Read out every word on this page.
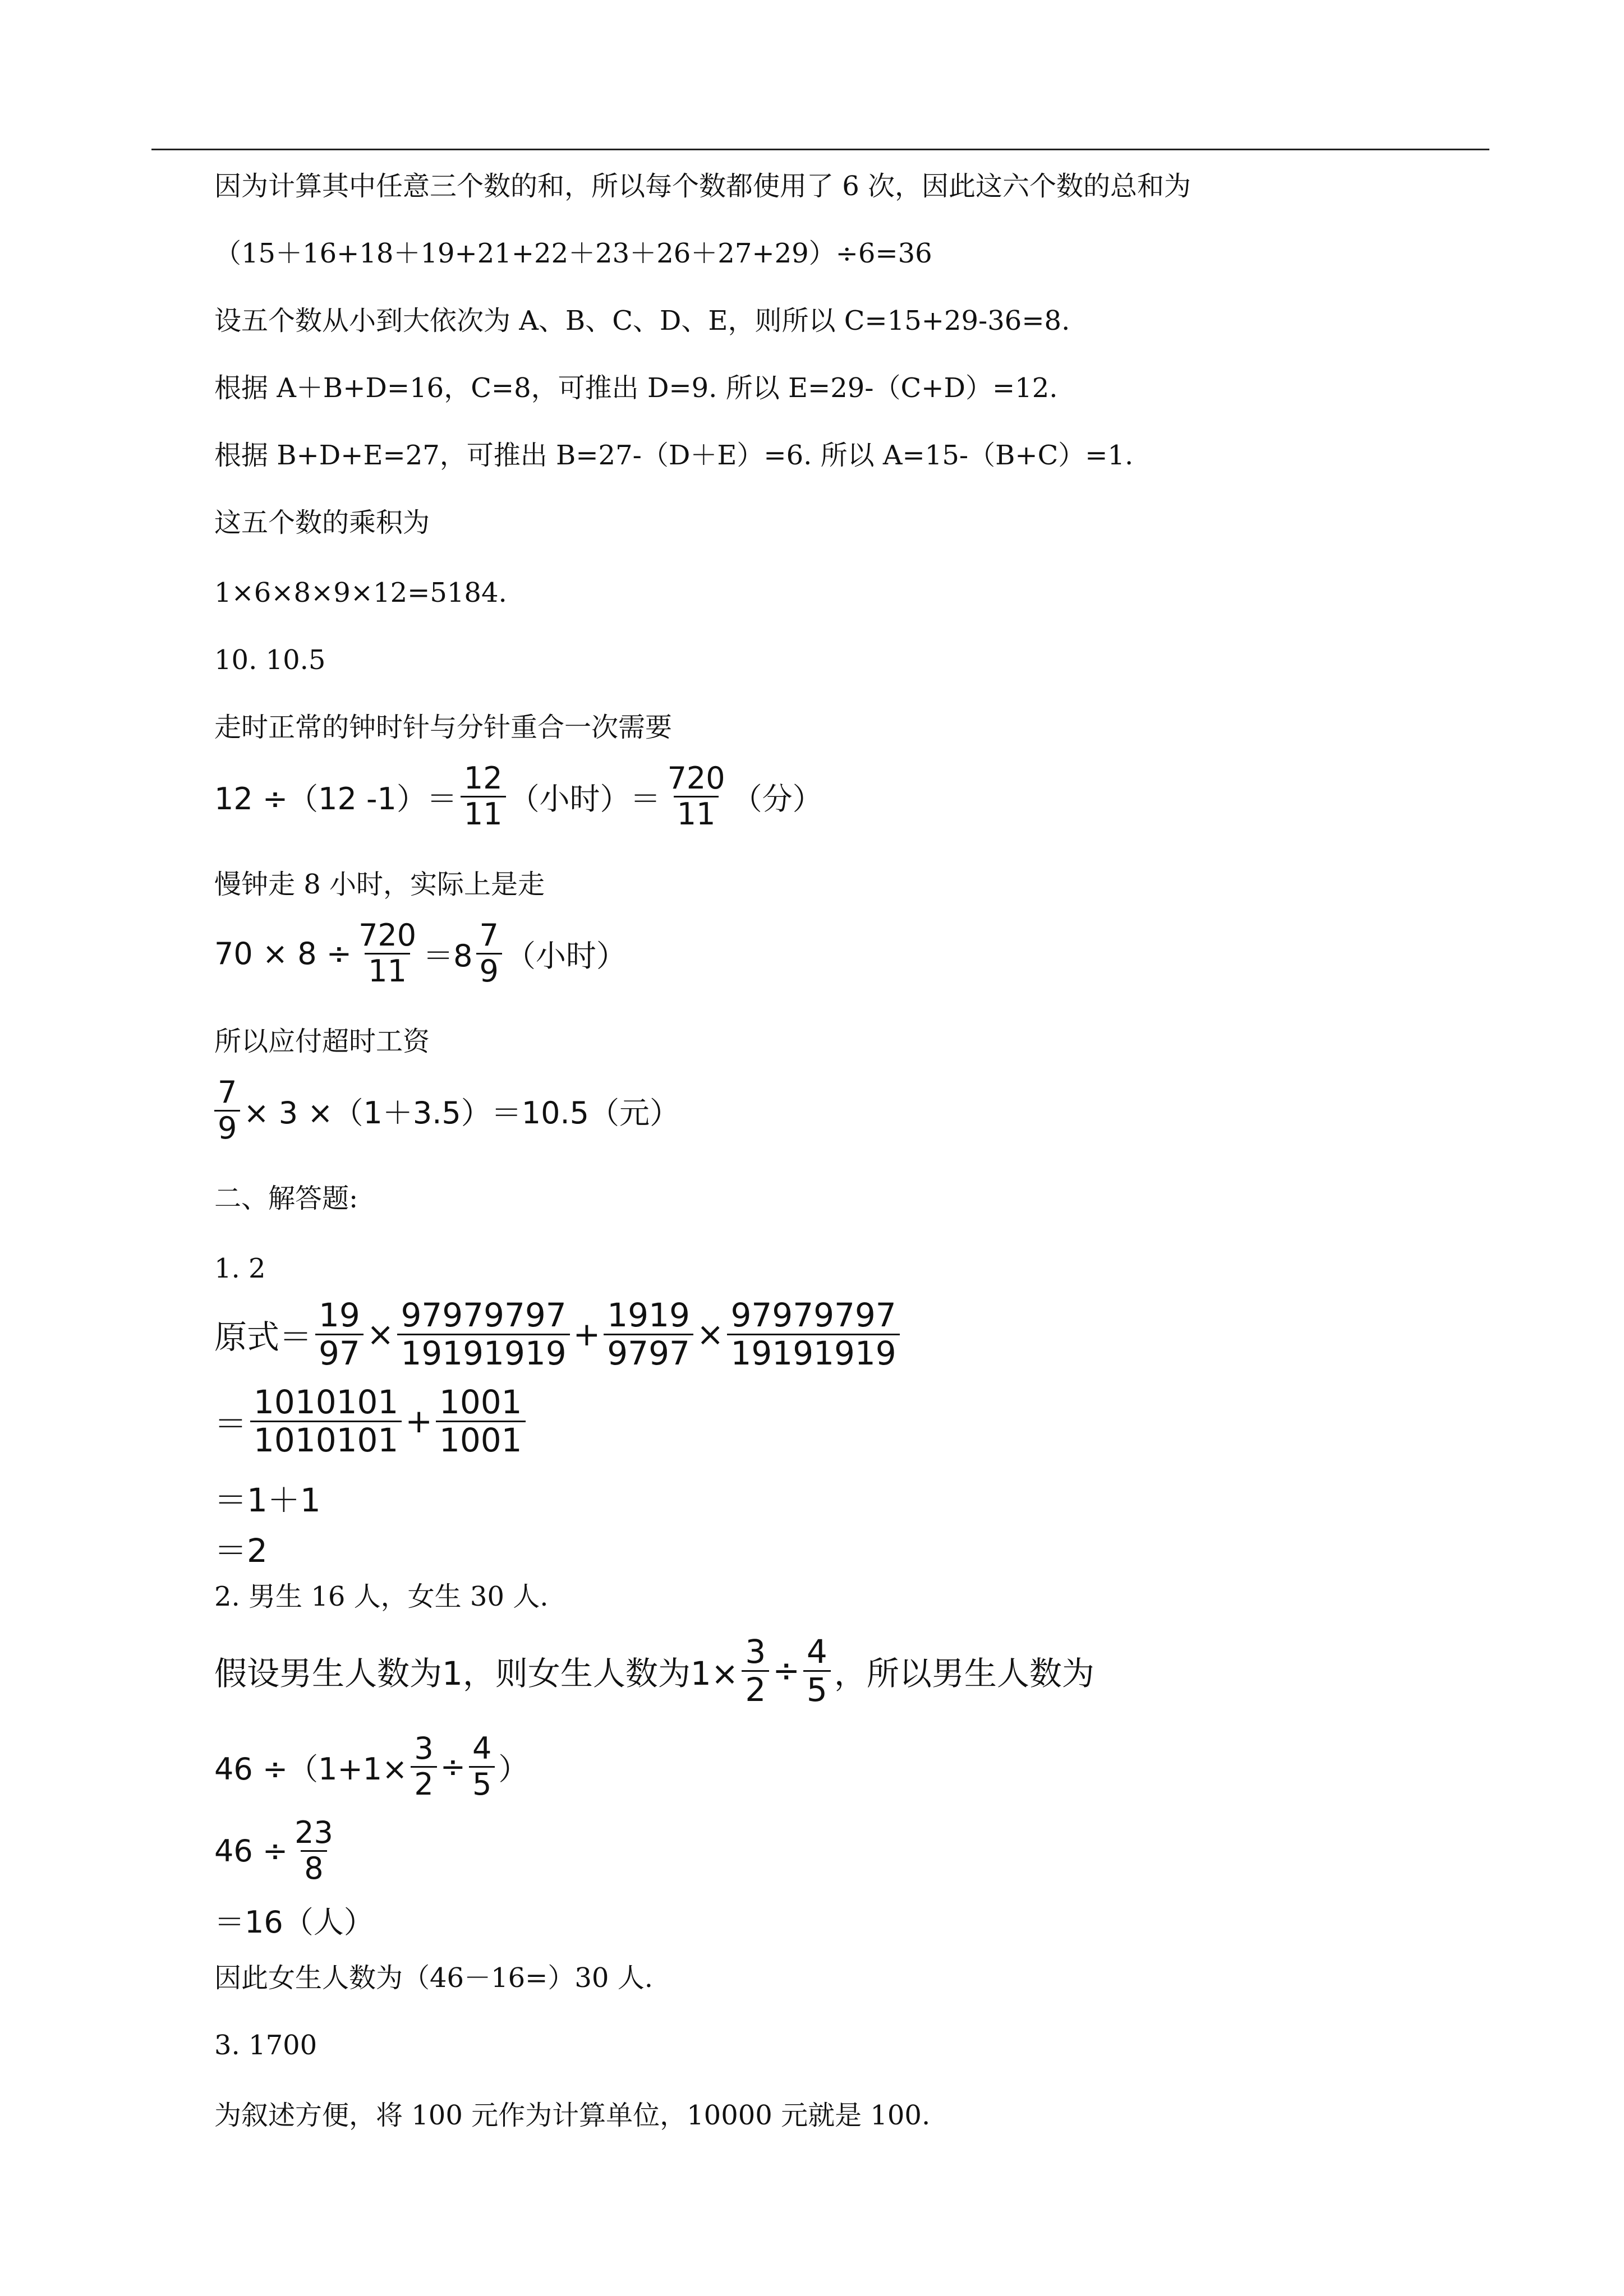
因为计算其中任意三个数的和，所以每个数都使用了 6 次，因此这六个数的总和为
（15＋16+18＋19+21+22＋23＋26＋27+29）÷6=36
设五个数从小到大依次为 A、B、C、D、E，则所以 C=15+29-36=8.
根据 A＋B+D=16，C=8，可推出 D=9. 所以 E=29-（C+D）=12.
根据 B+D+E=27，可推出 B=27-（D＋E）=6. 所以 A=15-（B+C）=1.
这五个数的乘积为
1×6×8×9×12=5184.
10. 10.5
走时正常的钟时针与分针重合一次需要
12 ÷（12 $-1)= \frac{12}{11}$ （小时）＝ $\frac{720}{11}$ （分）
慢钟走 8 小时，实际上是走
$70 \times 8 \div \frac{720}{11} =8 \frac{7}{9}$ （小时）
所以应付超时工资
$\frac{7}{9} \times 3 \times(1+3.5)=10.5$（元）
二、解答题:
1. 2
原式＝ $\frac{19}{97} \times \frac{97979797}{19191919} + \frac{1919}{9797} \times \frac{97979797}{19191919}$
＝ $\frac{1010101}{1010101} + \frac{1001}{1001}$
＝1＋1
＝2
2. 男生 16 人，女生 30 人.
假设男生人数为1，则女生人数为$1\times \frac{3}{2} \div \frac{4}{5}$ ，所以男生人数为
$46 \div(1+1\times \frac{3}{2} \div \frac{4}{5}$ ）
$46 \div \frac{23}{8}$
＝16（人）
因此女生人数为（46－16=）30 人.
3. 1700
为叙述方便，将 100 元作为计算单位，10000 元就是 100.
